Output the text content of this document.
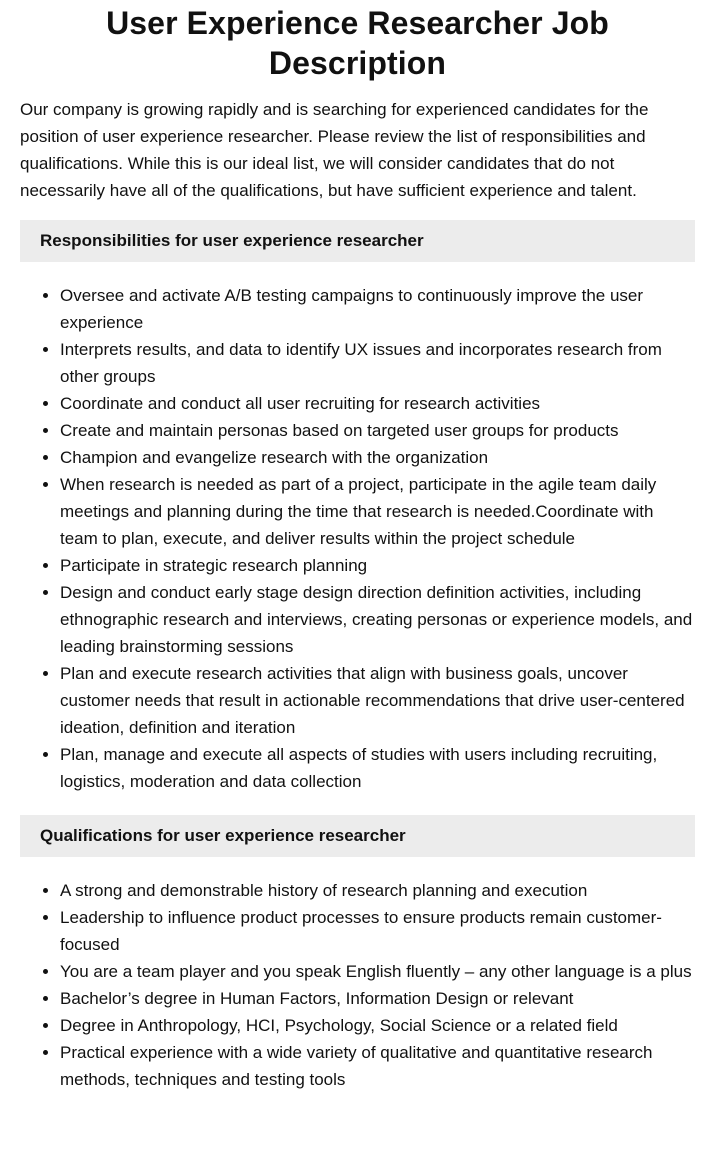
User Experience Researcher Job Description

Our company is growing rapidly and is searching for experienced candidates for the position of user experience researcher. Please review the list of responsibilities and qualifications. While this is our ideal list, we will consider candidates that do not necessarily have all of the qualifications, but have sufficient experience and talent.

Responsibilities for user experience researcher
• Oversee and activate A/B testing campaigns to continuously improve the user experience
• Interprets results, and data to identify UX issues and incorporates research from other groups
• Coordinate and conduct all user recruiting for research activities
• Create and maintain personas based on targeted user groups for products
• Champion and evangelize research with the organization
• When research is needed as part of a project, participate in the agile team daily meetings and planning during the time that research is needed.Coordinate with team to plan, execute, and deliver results within the project schedule
• Participate in strategic research planning
• Design and conduct early stage design direction definition activities, including ethnographic research and interviews, creating personas or experience models, and leading brainstorming sessions
• Plan and execute research activities that align with business goals, uncover customer needs that result in actionable recommendations that drive user-centered ideation, definition and iteration
• Plan, manage and execute all aspects of studies with users including recruiting, logistics, moderation and data collection
Qualifications for user experience researcher
• A strong and demonstrable history of research planning and execution
• Leadership to influence product processes to ensure products remain customer-focused
• You are a team player and you speak English fluently – any other language is a plus
• Bachelor’s degree in Human Factors, Information Design or relevant
• Degree in Anthropology, HCI, Psychology, Social Science or a related field
• Practical experience with a wide variety of qualitative and quantitative research methods, techniques and testing tools
